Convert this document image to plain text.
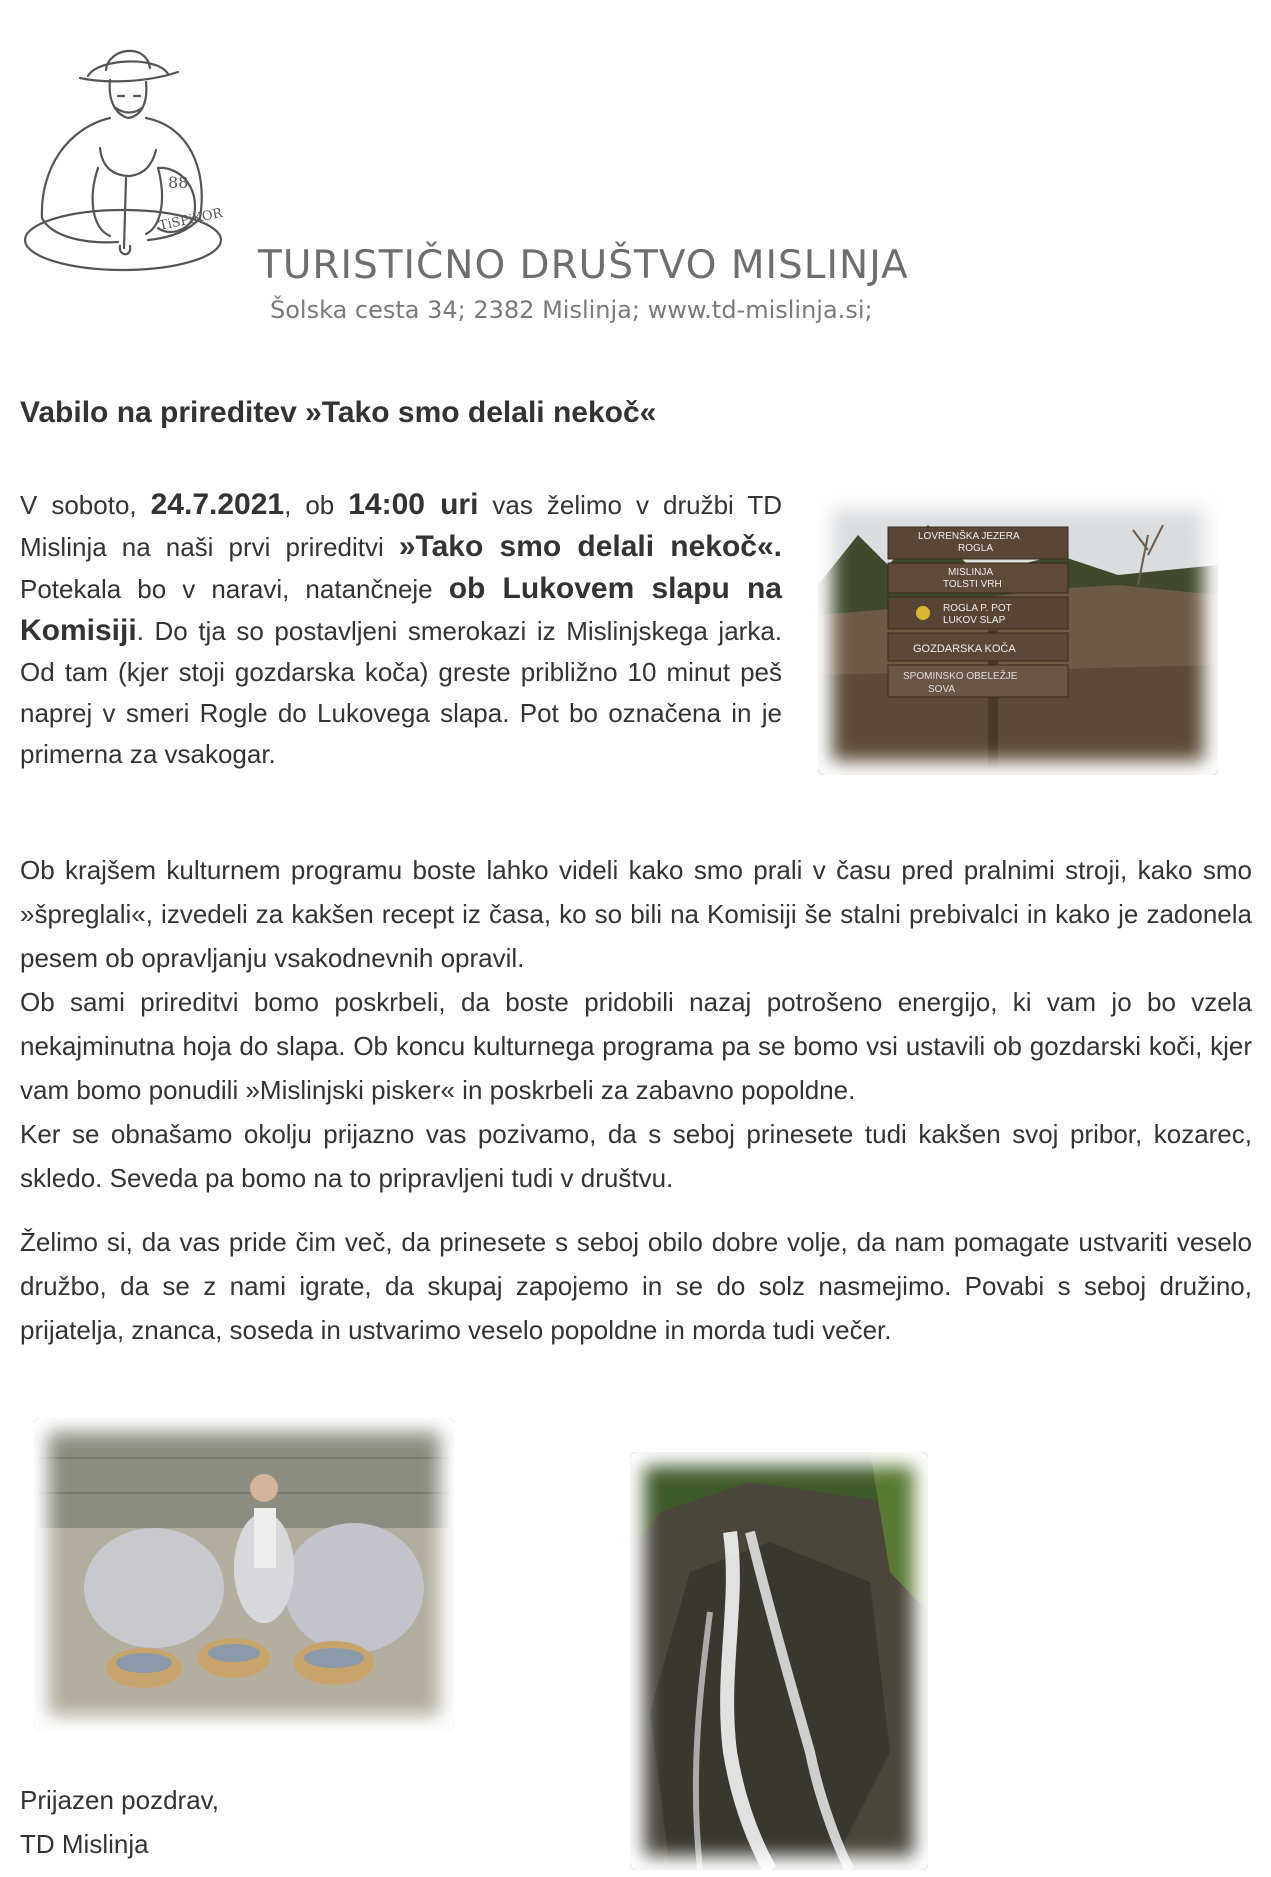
88
TiSPiKOR
TURISTIČNO DRUŠTVO MISLINJA
Šolska cesta 34; 2382 Mislinja; www.td-mislinja.si;
Vabilo na prireditev »Tako smo delali nekoč«
V soboto, 24.7.2021, ob 14:00 uri vas želimo v družbi TD Mislinja na naši prvi prireditvi »Tako smo delali nekoč«. Potekala bo v naravi, natančneje ob Lukovem slapu na Komisiji. Do tja so postavljeni smerokazi iz Mislinjskega jarka. Od tam (kjer stoji gozdarska koča) greste približno 10 minut peš naprej v smeri Rogle do Lukovega slapa. Pot bo označena in je primerna za vsakogar.
LOVRENŠKA JEZERA
ROGLA
MISLINJA
TOLSTI VRH
ROGLA P. POT
LUKOV SLAP
GOZDARSKA KOČA
SPOMINSKO OBELEŽJE
SOVA
Ob krajšem kulturnem programu boste lahko videli kako smo prali v času pred pralnimi stroji, kako smo »špreglali«, izvedeli za kakšen recept iz časa, ko so bili na Komisiji še stalni prebivalci in kako je zadonela pesem ob opravljanju vsakodnevnih opravil.
Ob sami prireditvi bomo poskrbeli, da boste pridobili nazaj potrošeno energijo, ki vam jo bo vzela nekajminutna hoja do slapa. Ob koncu kulturnega programa pa se bomo vsi ustavili ob gozdarski koči, kjer vam bomo ponudili »Mislinjski pisker« in poskrbeli za zabavno popoldne.
Ker se obnašamo okolju prijazno vas pozivamo, da s seboj prinesete tudi kakšen svoj pribor, kozarec, skledo. Seveda pa bomo na to pripravljeni tudi v društvu.
Želimo si, da vas pride čim več, da prinesete s seboj obilo dobre volje, da nam pomagate ustvariti veselo družbo, da se z nami igrate, da skupaj zapojemo in se do solz nasmejimo. Povabi s seboj družino, prijatelja, znanca, soseda in ustvarimo veselo popoldne in morda tudi večer.
Prijazen pozdrav,
TD Mislinja
